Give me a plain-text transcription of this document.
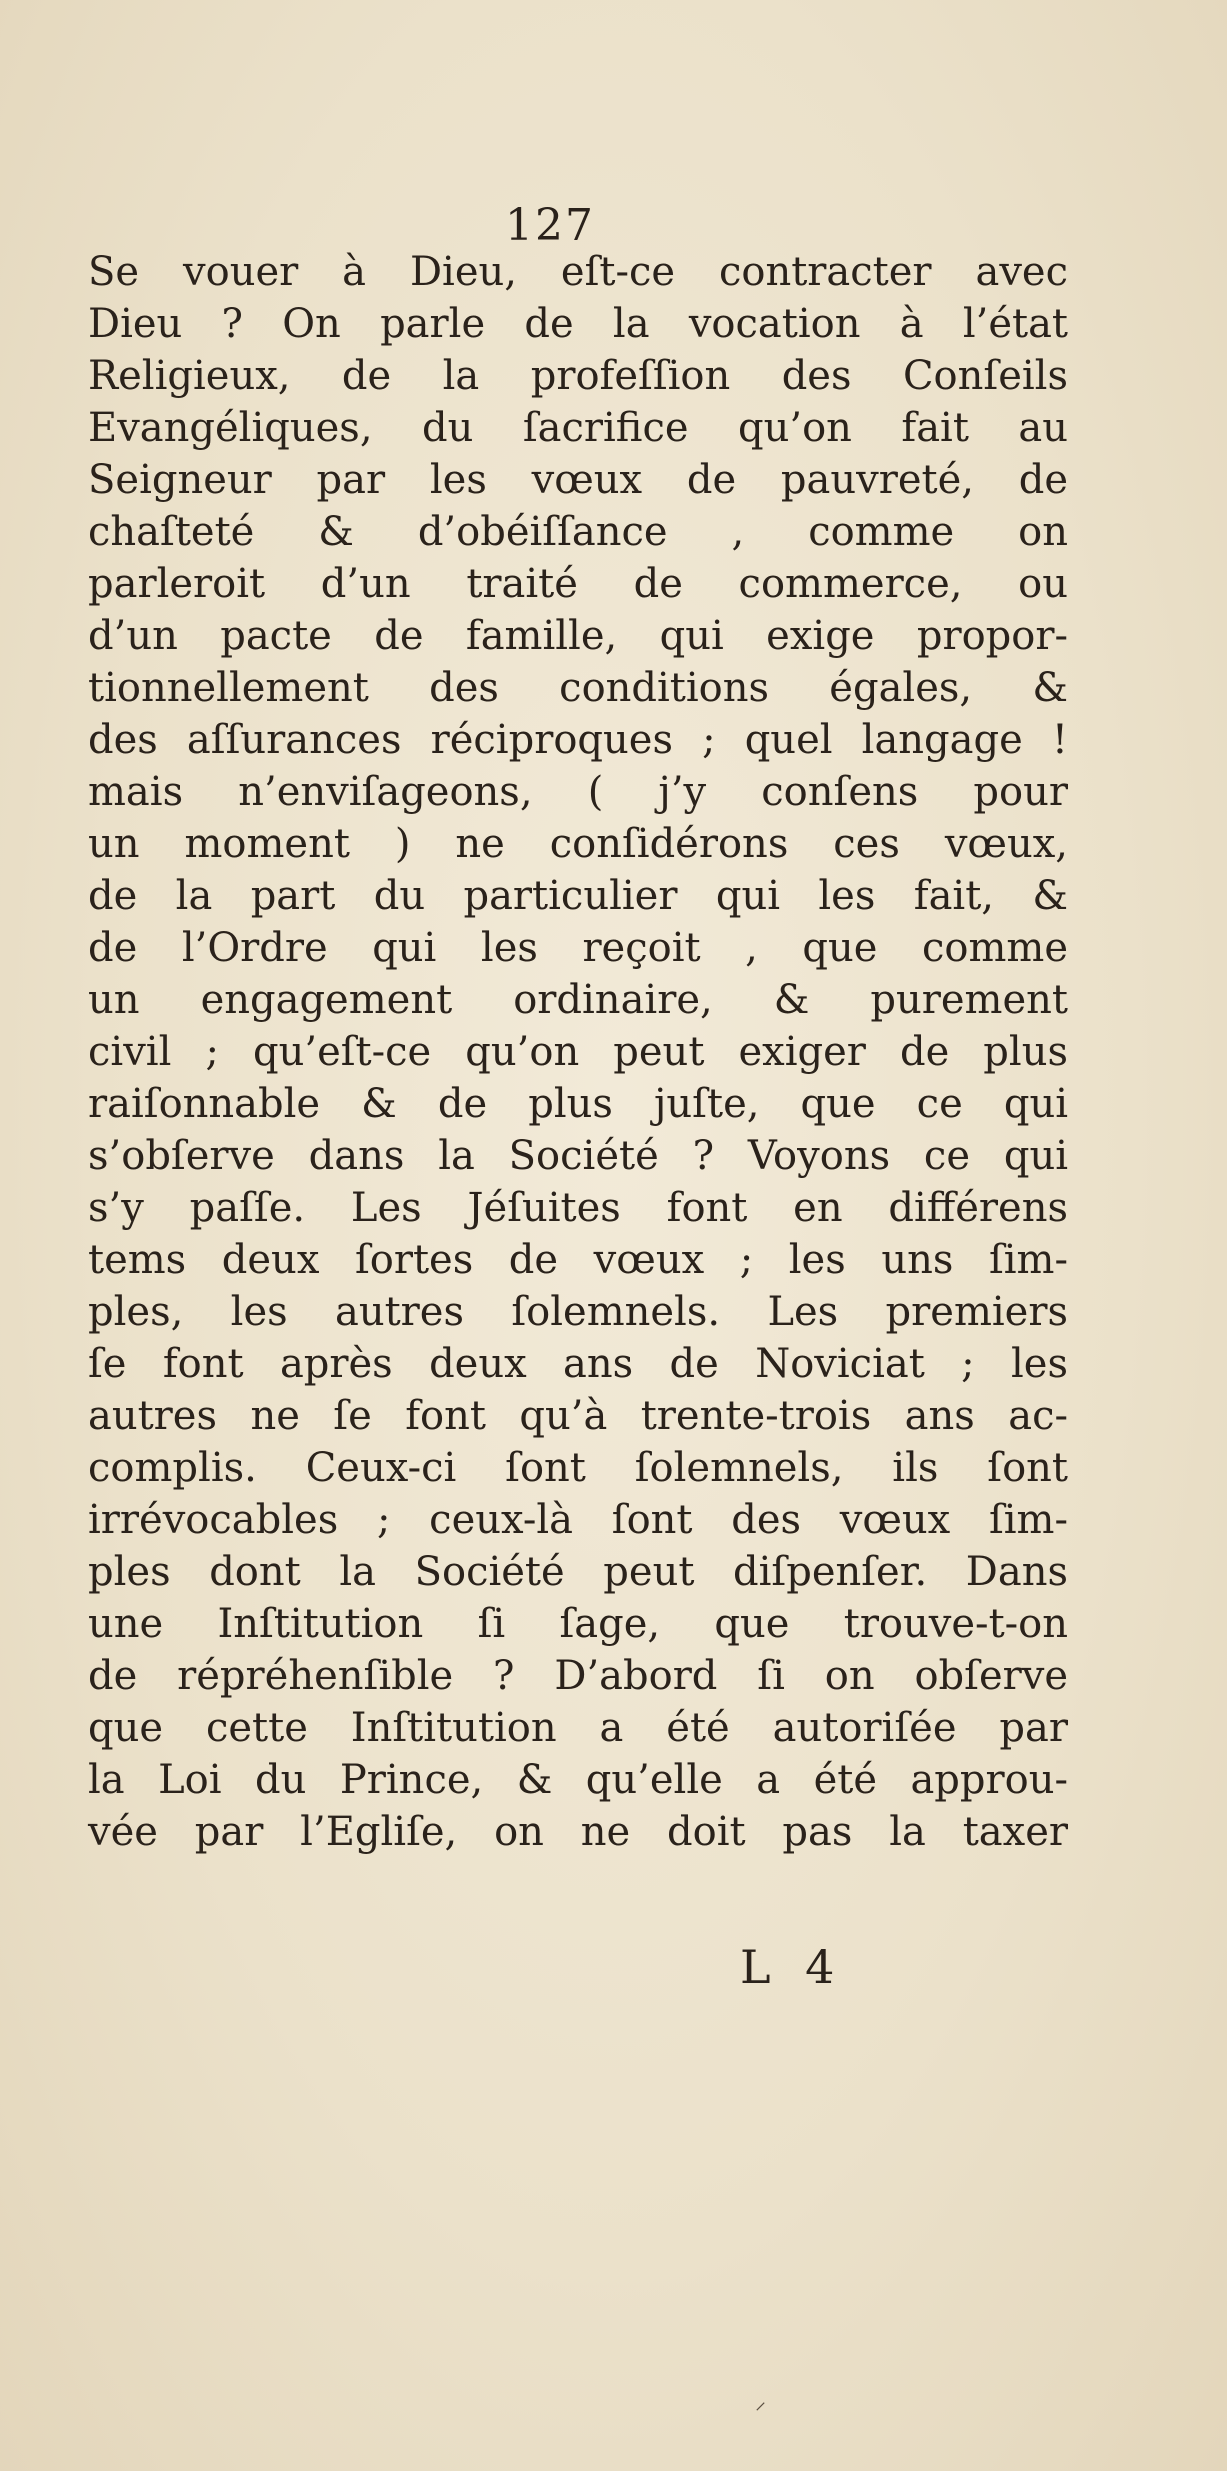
127
Se vouer à Dieu, eſt-ce contracter avec
Dieu ? On parle de la vocation à l’état
Religieux, de la profeſſion des Conſeils
Evangéliques, du ſacrifice qu’on fait au
Seigneur par les vœux de pauvreté, de
chaſteté & d’obéiſſance , comme on
parleroit d’un traité de commerce, ou
d’un pacte de famille, qui exige propor-
tionnellement des conditions égales, &
des aſſurances réciproques ; quel langage !
mais n’enviſageons, ( j’y conſens pour
un moment ) ne conſidérons ces vœux,
de la part du particulier qui les fait, &
de l’Ordre qui les reçoit , que comme
un engagement ordinaire, & purement
civil ; qu’eſt-ce qu’on peut exiger de plus
raiſonnable & de plus juſte, que ce qui
s’obſerve dans la Société ? Voyons ce qui
s’y paſſe. Les Jéſuites font en différens
tems deux ſortes de vœux ; les uns ſim-
ples, les autres ſolemnels. Les premiers
ſe font après deux ans de Noviciat ; les
autres ne ſe font qu’à trente-trois ans ac-
complis. Ceux-ci ſont ſolemnels, ils ſont
irrévocables ; ceux-là ſont des vœux ſim-
ples dont la Société peut diſpenſer. Dans
une Inſtitution ſi ſage, que trouve-t-on
de répréhenſible ? D’abord ſi on obſerve
que cette Inſtitution a été autoriſée par
la Loi du Prince, & qu’elle a été approu-
vée par l’Egliſe, on ne doit pas la taxer
L 4
⸍
